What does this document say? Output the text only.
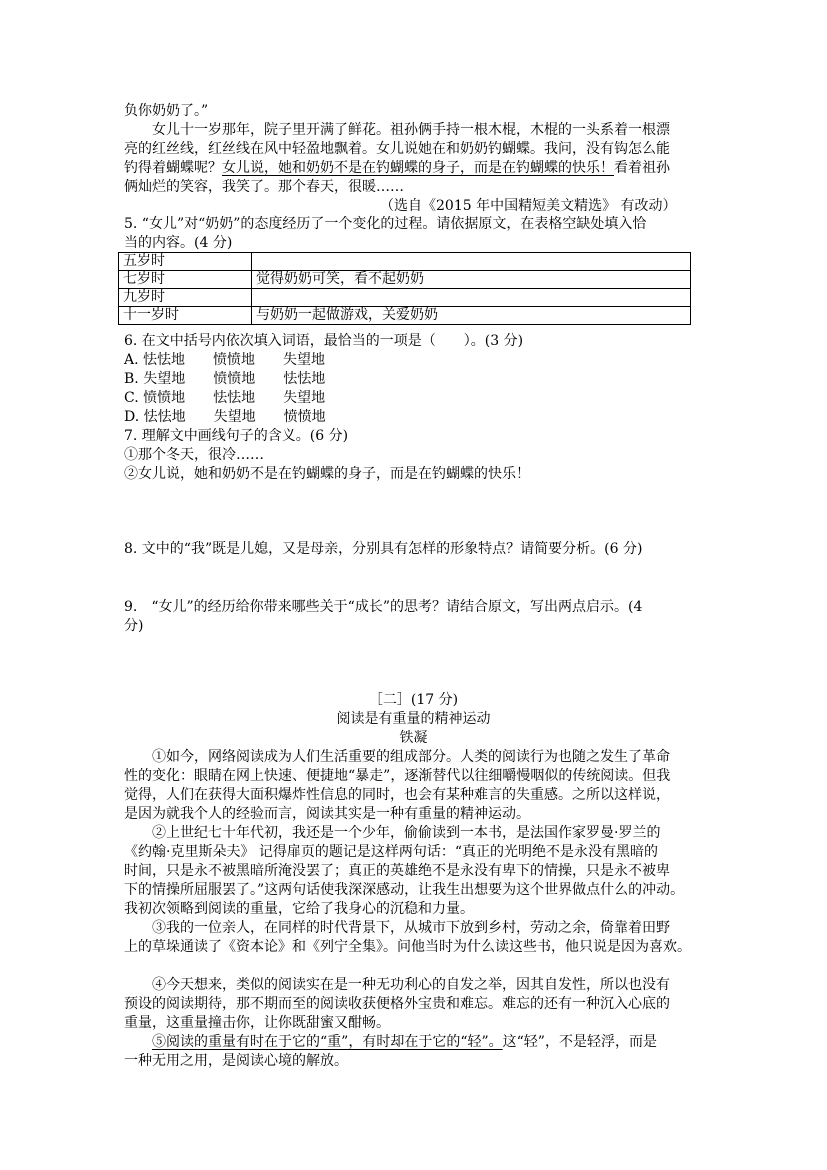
负你奶奶了。”
女儿十一岁那年，院子里开满了鲜花。祖孙俩手持一根木棍，木棍的一头系着一根漂
亮的红丝线，红丝线在风中轻盈地飘着。女儿说她在和奶奶钓蝴蝶。我问，没有钩怎么能
钓得着蝴蝶呢？女儿说，她和奶奶不是在钓蝴蝶的身子，而是在钓蝴蝶的快乐！看着祖孙
俩灿烂的笑容，我笑了。那个春天，很暖……
（选自《2015 年中国精短美文精选》 有改动）
5. “女儿”对“奶奶”的态度经历了一个变化的过程。请依据原文，在表格空缺处填入恰
当的内容。(4 分)
五岁时	
七岁时	觉得奶奶可笑，看不起奶奶
九岁时	
十一岁时	与奶奶一起做游戏，关爱奶奶
6. 在文中括号内依次填入词语，最恰当的一项是（　　）。(3 分)
A. 怯怯地　　愤愤地　　失望地
B. 失望地　　愤愤地　　怯怯地
C. 愤愤地　　怯怯地　　失望地
D. 怯怯地　　失望地　　愤愤地
7. 理解文中画线句子的含义。(6 分)
①那个冬天，很冷……
②女儿说，她和奶奶不是在钓蝴蝶的身子，而是在钓蝴蝶的快乐！
8. 文中的“我”既是儿媳，又是母亲，分别具有怎样的形象特点？请简要分析。(6 分)
9.　“女儿”的经历给你带来哪些关于“成长”的思考？请结合原文，写出两点启示。(4
分)
［二］(17 分)
阅读是有重量的精神运动
铁凝
①如今，网络阅读成为人们生活重要的组成部分。人类的阅读行为也随之发生了革命
性的变化：眼睛在网上快速、便捷地“暴走”，逐渐替代以往细嚼慢咽似的传统阅读。但我
觉得，人们在获得大面积爆炸性信息的同时，也会有某种难言的失重感。之所以这样说，
是因为就我个人的经验而言，阅读其实是一种有重量的精神运动。
②上世纪七十年代初，我还是一个少年，偷偷读到一本书，是法国作家罗曼·罗兰的
《约翰·克里斯朵夫》 记得扉页的题记是这样两句话：“真正的光明绝不是永没有黑暗的
时间，只是永不被黑暗所淹没罢了；真正的英雄绝不是永没有卑下的情操，只是永不被卑
下的情操所屈服罢了。”这两句话使我深深感动，让我生出想要为这个世界做点什么的冲动。
我初次领略到阅读的重量，它给了我身心的沉稳和力量。
③我的一位亲人，在同样的时代背景下，从城市下放到乡村，劳动之余，倚靠着田野
上的草垛通读了《资本论》和《列宁全集》。问他当时为什么读这些书，他只说是因为喜欢。
④今天想来，类似的阅读实在是一种无功利心的自发之举，因其自发性，所以也没有
预设的阅读期待，那不期而至的阅读收获便格外宝贵和难忘。难忘的还有一种沉入心底的
重量，这重量撞击你，让你既甜蜜又酣畅。
⑤阅读的重量有时在于它的“重”，有时却在于它的“轻”。这“轻”，不是轻浮，而是
一种无用之用，是阅读心境的解放。
